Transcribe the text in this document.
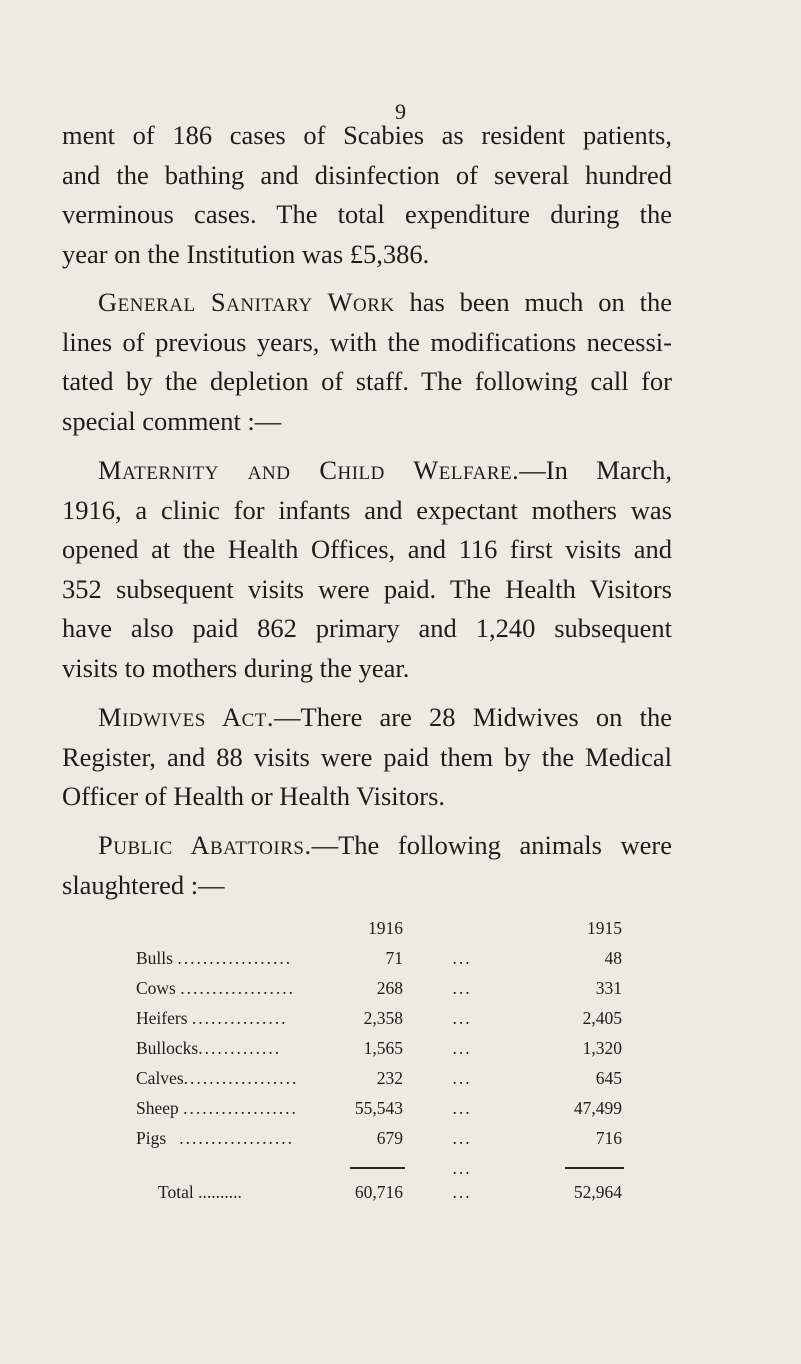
9
ment of 186 cases of Scabies as resident patients,
and the bathing and disinfection of several hundred
verminous cases. The total expenditure during the
year on the Institution was £5,386.
General Sanitary Work has been much on the
lines of previous years, with the modifications necessi-
tated by the depletion of staff. The following call for
special comment :—
Maternity and Child Welfare.—In March,
1916, a clinic for infants and expectant mothers was
opened at the Health Offices, and 116 first visits and
352 subsequent visits were paid. The Health Visitors
have also paid 862 primary and 1,240 subsequent
visits to mothers during the year.
Midwives Act.—There are 28 Midwives on the
Register, and 88 visits were paid them by the Medical
Officer of Health or Health Visitors.
Public Abattoirs.—The following animals were
slaughtered :—
1916	1915
Bulls ..................	71	...	48
Cows ..................	268	...	331
Heifers ...............	2,358	...	2,405
Bullocks.............	1,565	...	1,320
Calves..................	232	...	645
Sheep ..................	55,543	...	47,499
Pigs ..................	679	...	716
...
Total ..........	60,716	...	52,964
